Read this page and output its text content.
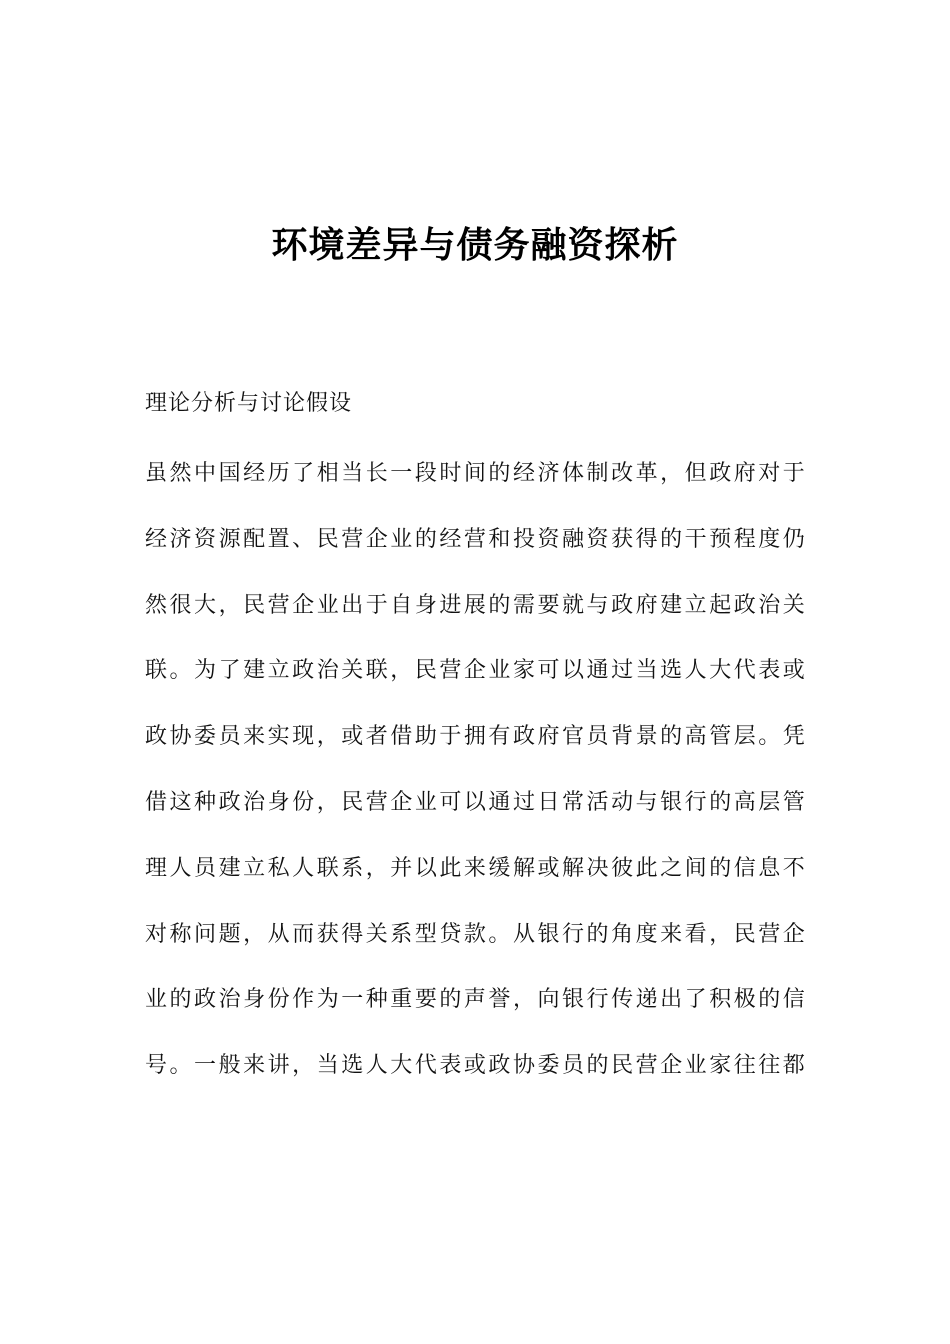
环境差异与债务融资探析

理论分析与讨论假设

虽然中国经历了相当长一段时间的经济体制改革，但政府对于
经济资源配置、民营企业的经营和投资融资获得的干预程度仍
然很大，民营企业出于自身进展的需要就与政府建立起政治关
联。为了建立政治关联，民营企业家可以通过当选人大代表或
政协委员来实现，或者借助于拥有政府官员背景的高管层。凭
借这种政治身份，民营企业可以通过日常活动与银行的高层管
理人员建立私人联系，并以此来缓解或解决彼此之间的信息不
对称问题，从而获得关系型贷款。从银行的角度来看，民营企
业的政治身份作为一种重要的声誉，向银行传递出了积极的信
号。一般来讲，当选人大代表或政协委员的民营企业家往往都
